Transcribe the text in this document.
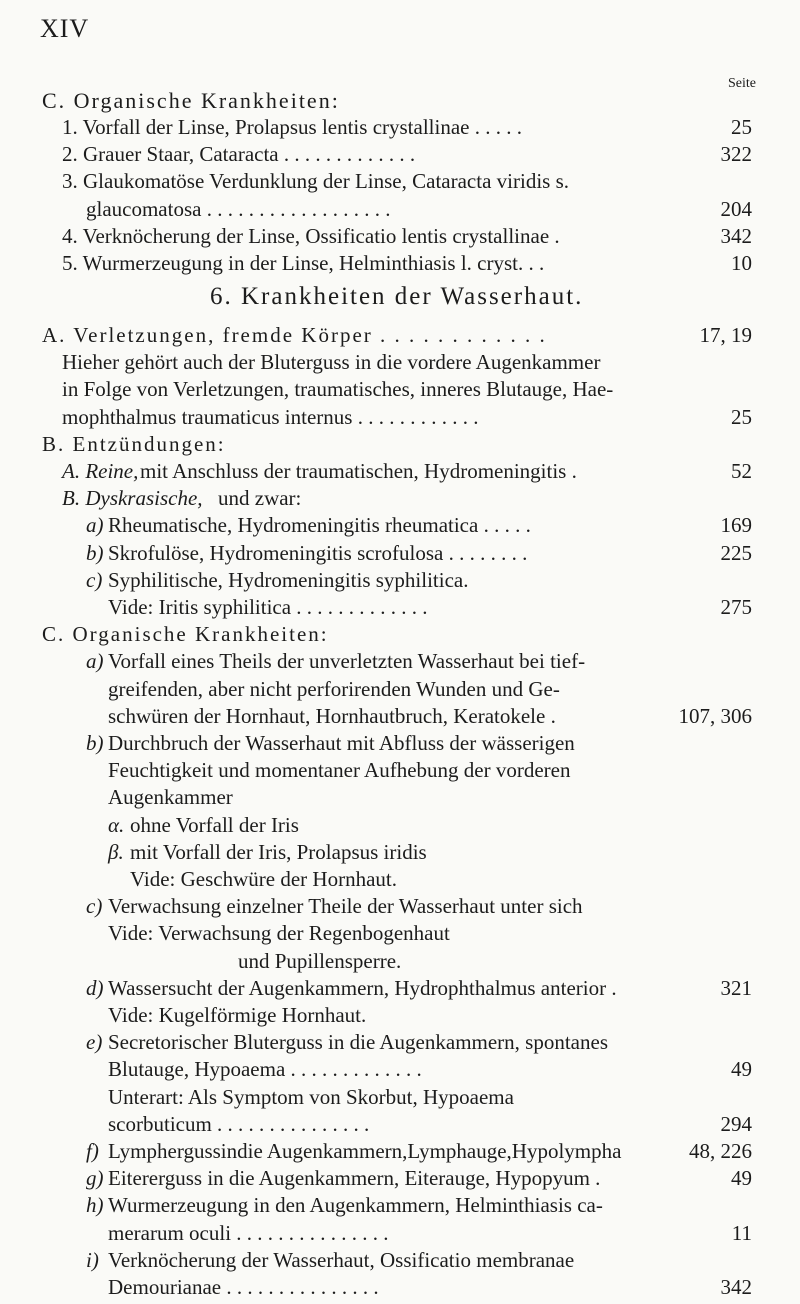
XIV
Seite
C. Organische Krankheiten:
1. Vorfall der Linse, Prolapsus lentis crystallinae . . . . .	25
2. Grauer Staar, Cataracta . . . . . . . . . . . . .	322
3. Glaukomatöse Verdunklung der Linse, Cataracta viridis s.
glaucomatosa . . . . . . . . . . . . . . . . . .	204
4. Verknöcherung der Linse, Ossificatio lentis crystallinae .	342
5. Wurmerzeugung in der Linse, Helminthiasis l. cryst. . .	10
6. Krankheiten der Wasserhaut.
A. Verletzungen, fremde Körper . . . . . . . . . . . .	17, 19
Hieher gehört auch der Bluterguss in die vordere Augenkammer
in Folge von Verletzungen, traumatisches, inneres Blutauge, Hae-
mophthalmus traumaticus internus . . . . . . . . . . . .	25
B. Entzündungen:
A. Reine, mit Anschluss der traumatischen, Hydromeningitis .	52
B. Dyskrasische, und zwar:
a) Rheumatische, Hydromeningitis rheumatica . . . . .	169
b) Skrofulöse, Hydromeningitis scrofulosa . . . . . . . .	225
c) Syphilitische, Hydromeningitis syphilitica.
Vide: Iritis syphilitica . . . . . . . . . . . . .	275
C. Organische Krankheiten:
a) Vorfall eines Theils der unverletzten Wasserhaut bei tief-
greifenden, aber nicht perforirenden Wunden und Ge-
schwüren der Hornhaut, Hornhautbruch, Keratokele .	107, 306
b) Durchbruch der Wasserhaut mit Abfluss der wässerigen
Feuchtigkeit und momentaner Aufhebung der vorderen
Augenkammer
α. ohne Vorfall der Iris
β. mit Vorfall der Iris, Prolapsus iridis
Vide: Geschwüre der Hornhaut.
c) Verwachsung einzelner Theile der Wasserhaut unter sich
Vide: Verwachsung der Regenbogenhaut
und Pupillensperre.
d) Wassersucht der Augenkammern, Hydrophthalmus anterior .	321
Vide: Kugelförmige Hornhaut.
e) Secretorischer Bluterguss in die Augenkammern, spontanes
Blutauge, Hypoaema . . . . . . . . . . . . .	49
Unterart: Als Symptom von Skorbut, Hypoaema
scorbuticum . . . . . . . . . . . . . . .	294
f) Lymphergussindie Augenkammern,Lymphauge,Hypolympha	48, 226
g) Eitererguss in die Augenkammern, Eiterauge, Hypopyum .	49
h) Wurmerzeugung in den Augenkammern, Helminthiasis ca-
merarum oculi . . . . . . . . . . . . . . .	11
i) Verknöcherung der Wasserhaut, Ossificatio membranae
Demourianae . . . . . . . . . . . . . . .	342
